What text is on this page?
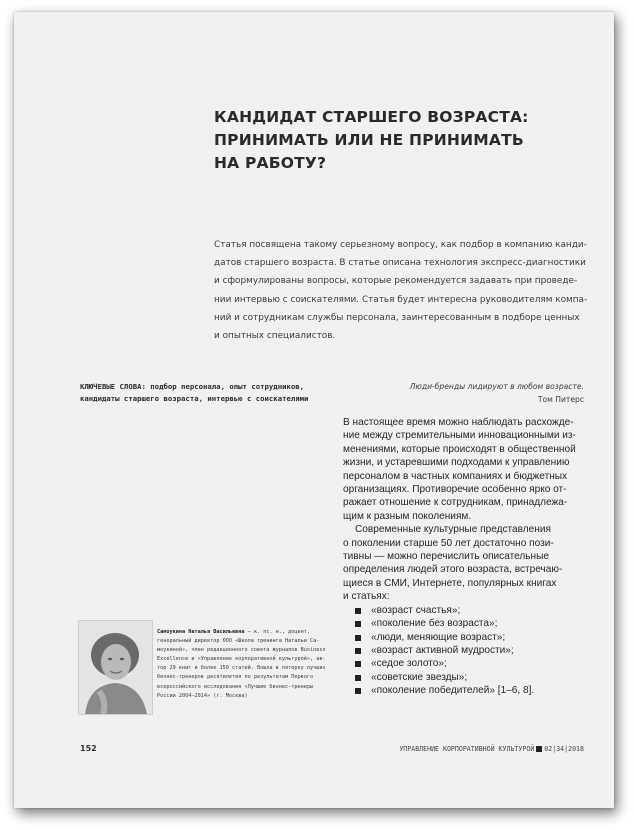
КАНДИДАТ СТАРШЕГО ВОЗРАСТА:
ПРИНИМАТЬ ИЛИ НЕ ПРИНИМАТЬ
НА РАБОТУ?
Статья посвящена такому серьезному вопросу, как подбор в компанию канди-
датов старшего возраста. В статье описана технология экспресс-диагностики
и сформулированы вопросы, которые рекомендуется задавать при проведе-
нии интервью с соискателями. Статья будет интересна руководителям компа-
ний и сотрудникам службы персонала, заинтересованным в подборе ценных
и опытных специалистов.
КЛЮЧЕВЫЕ СЛОВА: подбор персонала, опыт сотрудников,
кандидаты старшего возраста, интервью с соискателями
Люди-бренды лидируют в любом возрасте.
Том Питерс
В настоящее время можно наблюдать расхожде-
ние между стремительными инновационными из-
менениями, которые происходят в общественной
жизни, и устаревшими подходами к управлению
персоналом в частных компаниях и бюджетных
организациях. Противоречие особенно ярко от-
ражает отношение к сотрудникам, принадлежа-
щим к разным поколениям.
Современные культурные представления
о поколении старше 50 лет достаточно пози-
тивны — можно перечислить описательные
определения людей этого возраста, встречаю-
щиеся в СМИ, Интернете, популярных книгах
и статьях:
«возраст счастья»;
«поколение без возраста»;
«люди, меняющие возраст»;
«возраст активной мудрости»;
«седое золото»;
«советские звезды»;
«поколение победителей» [1–6, 8].
Самоукина Наталья Васильевна — к. пс. н., доцент,
генеральный директор ООО «Школа тренинга Натальи Са-
моукиной», член редакционного совета журналов Business
Excellence и «Управление корпоративной культурой», ав-
тор 29 книг и более 150 статей. Вошла в пятерку лучших
бизнес-тренеров десятилетия по результатам Первого
всероссийского исследования «Лучшие бизнес-тренеры
России 2004–2014» (г. Москва)
152	УПРАВЛЕНИЕ КОРПОРАТИВНОЙ КУЛЬТУРОЙ 02|34|2018
